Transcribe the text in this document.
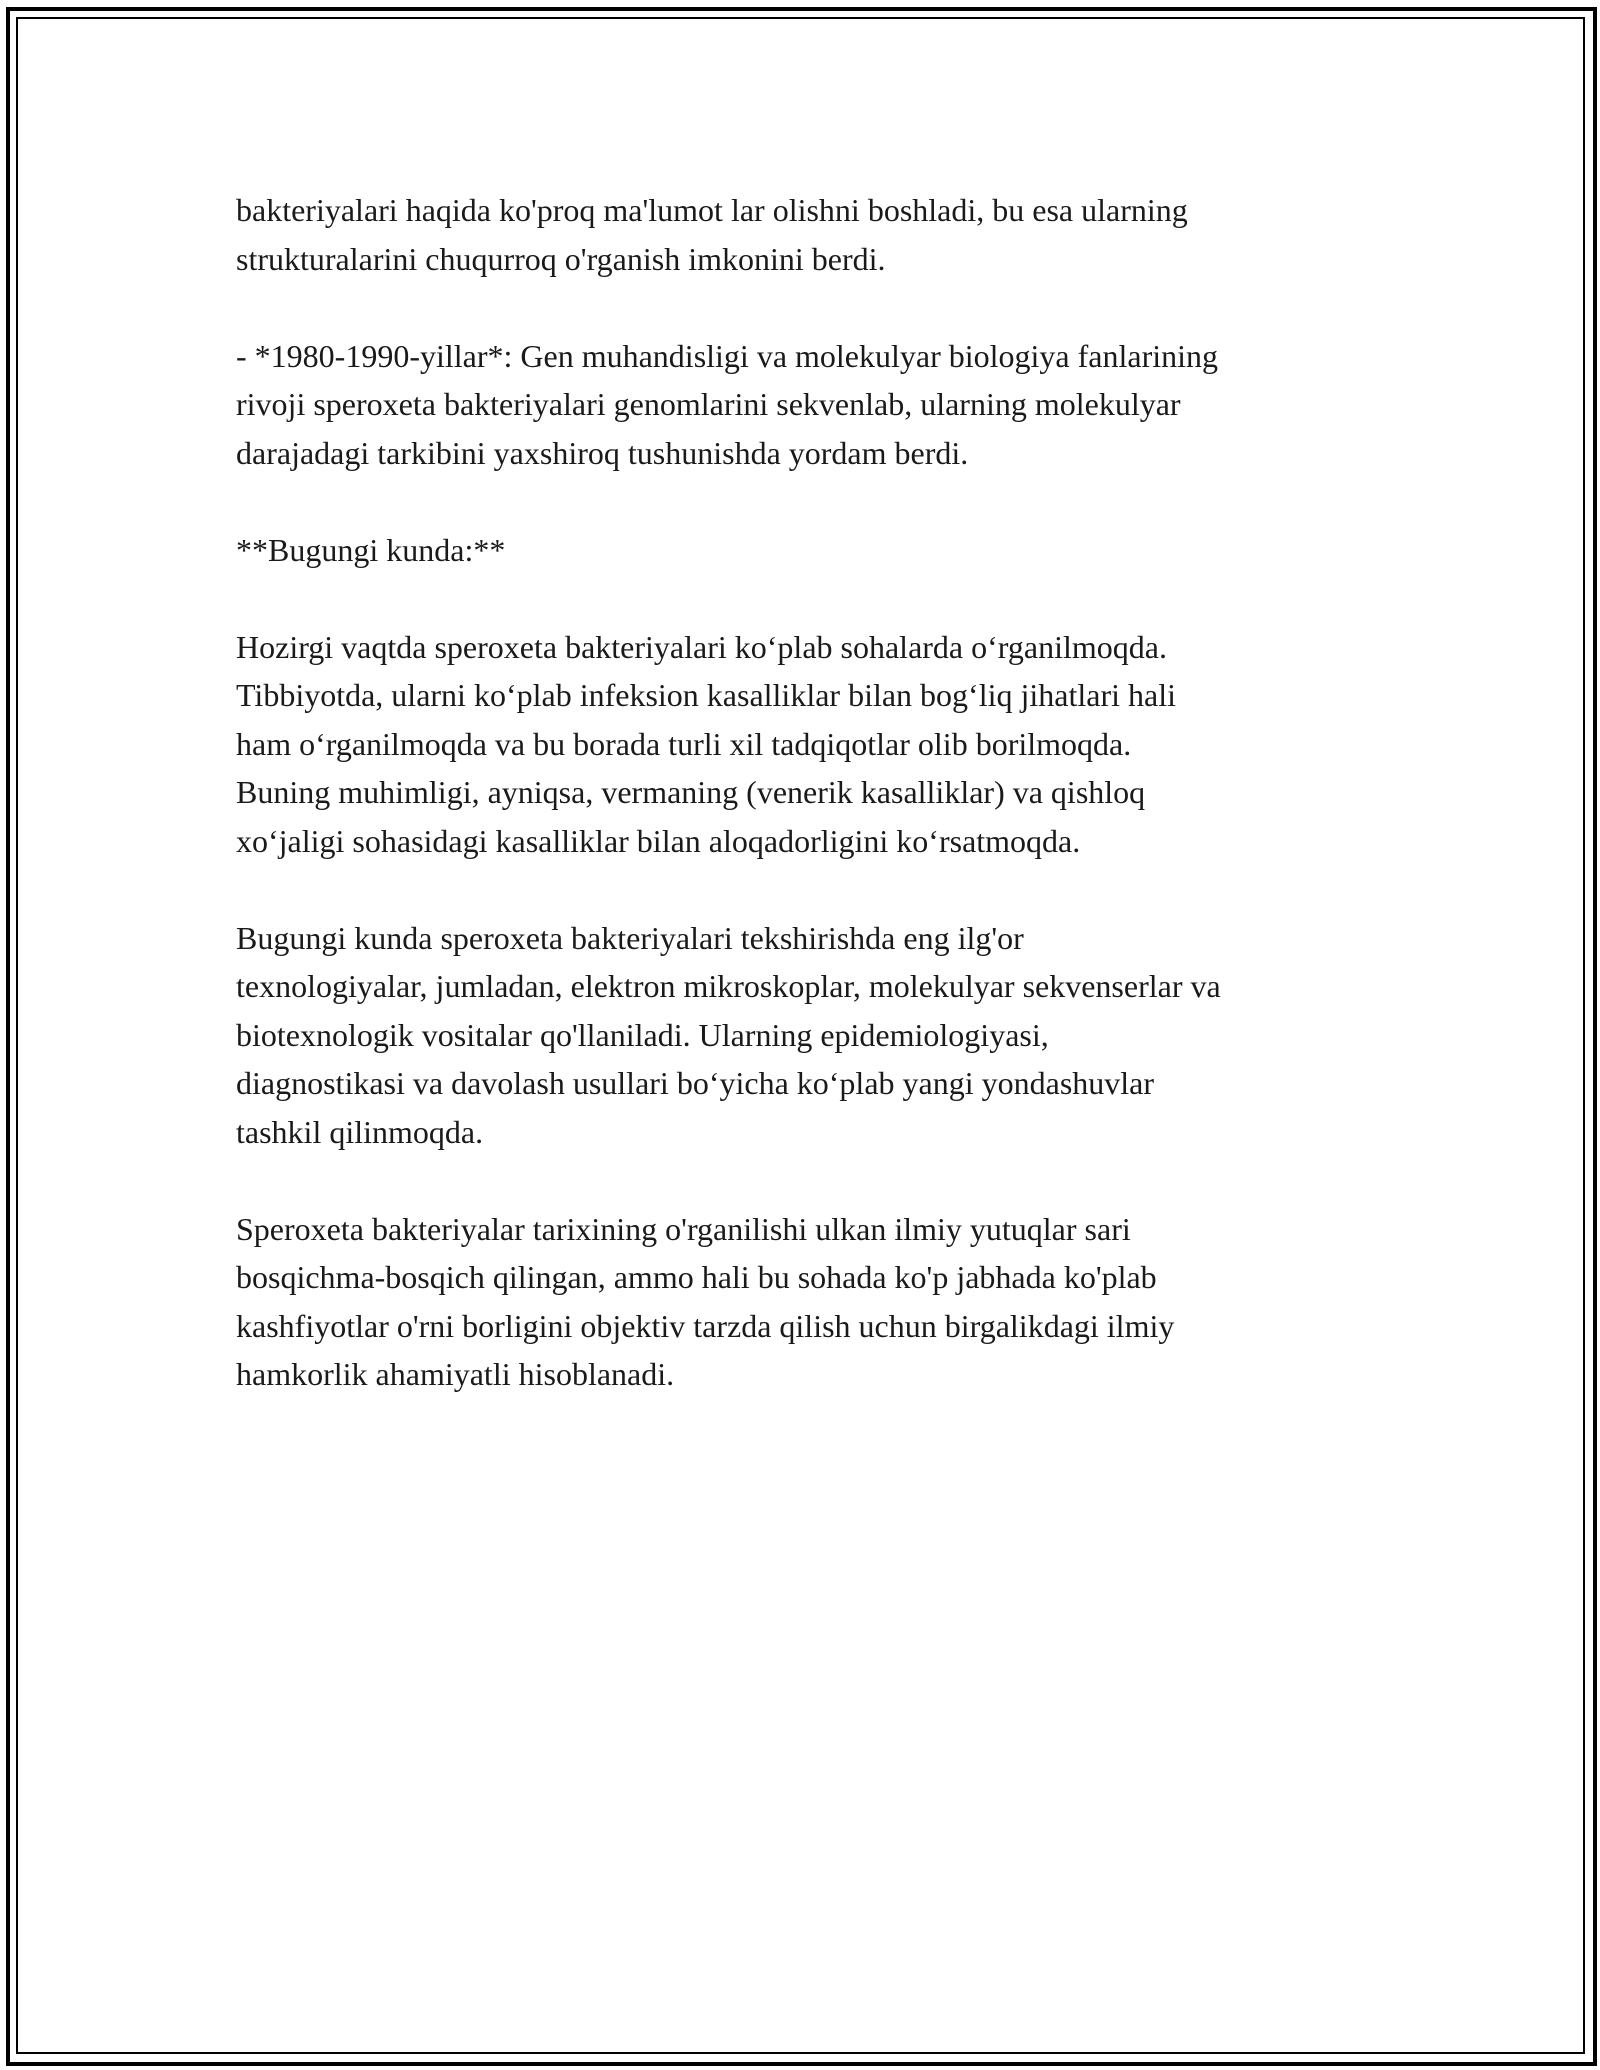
bakteriyalari haqida ko'proq ma'lumot lar olishni boshladi, bu esa ularning
strukturalarini chuqurroq o'rganish imkonini berdi.
- *1980-1990-yillar*: Gen muhandisligi va molekulyar biologiya fanlarining
rivoji speroxeta bakteriyalari genomlarini sekvenlab, ularning molekulyar
darajadagi tarkibini yaxshiroq tushunishda yordam berdi.
**Bugungi kunda:**
Hozirgi vaqtda speroxeta bakteriyalari ko‘plab sohalarda o‘rganilmoqda.
Tibbiyotda, ularni ko‘plab infeksion kasalliklar bilan bog‘liq jihatlari hali
ham o‘rganilmoqda va bu borada turli xil tadqiqotlar olib borilmoqda.
Buning muhimligi, ayniqsa, vermaning (venerik kasalliklar) va qishloq
xo‘jaligi sohasidagi kasalliklar bilan aloqadorligini ko‘rsatmoqda.
Bugungi kunda speroxeta bakteriyalari tekshirishda eng ilg'or
texnologiyalar, jumladan, elektron mikroskoplar, molekulyar sekvenserlar va
biotexnologik vositalar qo'llaniladi. Ularning epidemiologiyasi,
diagnostikasi va davolash usullari bo‘yicha ko‘plab yangi yondashuvlar
tashkil qilinmoqda.
Speroxeta bakteriyalar tarixining o'rganilishi ulkan ilmiy yutuqlar sari
bosqichma-bosqich qilingan, ammo hali bu sohada ko'p jabhada ko'plab
kashfiyotlar o'rni borligini objektiv tarzda qilish uchun birgalikdagi ilmiy
hamkorlik ahamiyatli hisoblanadi.
